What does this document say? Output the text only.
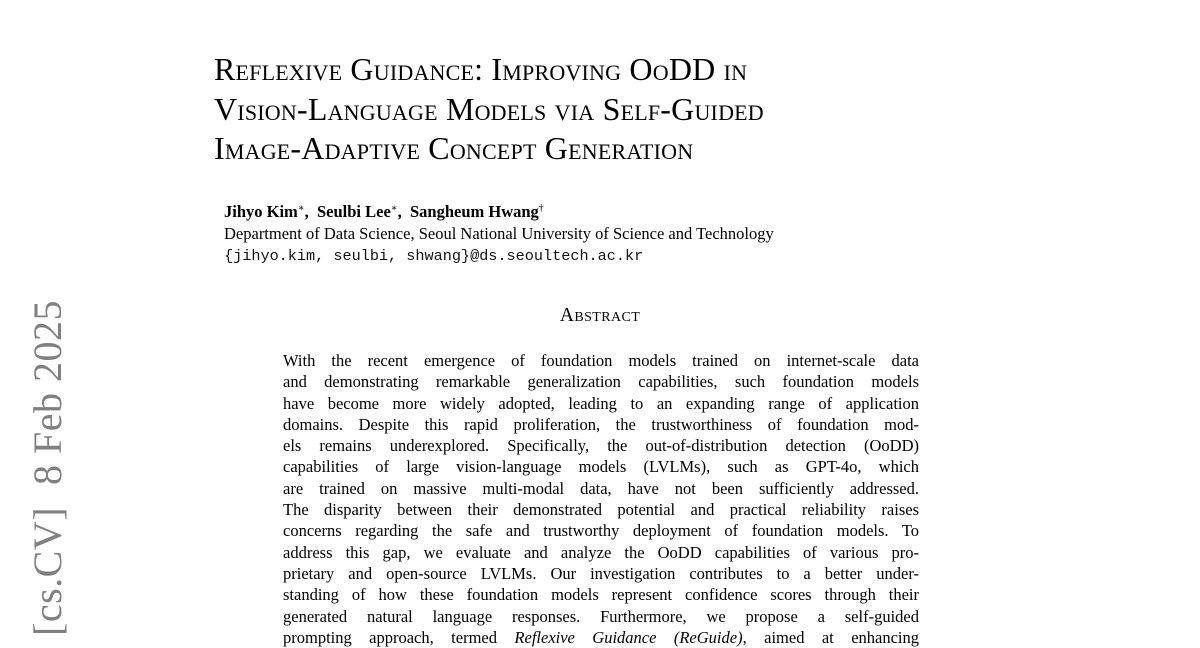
Reflexive Guidance: Improving OoDD in
Vision-Language Models via Self-Guided
Image-Adaptive Concept Generation
Jihyo Kim∗, Seulbi Lee∗, Sangheum Hwang†
Department of Data Science, Seoul National University of Science and Technology
{jihyo.kim, seulbi, shwang}@ds.seoultech.ac.kr
Abstract
With the recent emergence of foundation models trained on internet-scale data
and demonstrating remarkable generalization capabilities, such foundation models
have become more widely adopted, leading to an expanding range of application
domains. Despite this rapid proliferation, the trustworthiness of foundation mod-
els remains underexplored. Specifically, the out-of-distribution detection (OoDD)
capabilities of large vision-language models (LVLMs), such as GPT-4o, which
are trained on massive multi-modal data, have not been sufficiently addressed.
The disparity between their demonstrated potential and practical reliability raises
concerns regarding the safe and trustworthy deployment of foundation models. To
address this gap, we evaluate and analyze the OoDD capabilities of various pro-
prietary and open-source LVLMs. Our investigation contributes to a better under-
standing of how these foundation models represent confidence scores through their
generated natural language responses. Furthermore, we propose a self-guided
prompting approach, termed Reflexive Guidance (ReGuide), aimed at enhancing
[cs.CV]8 Feb 2025
